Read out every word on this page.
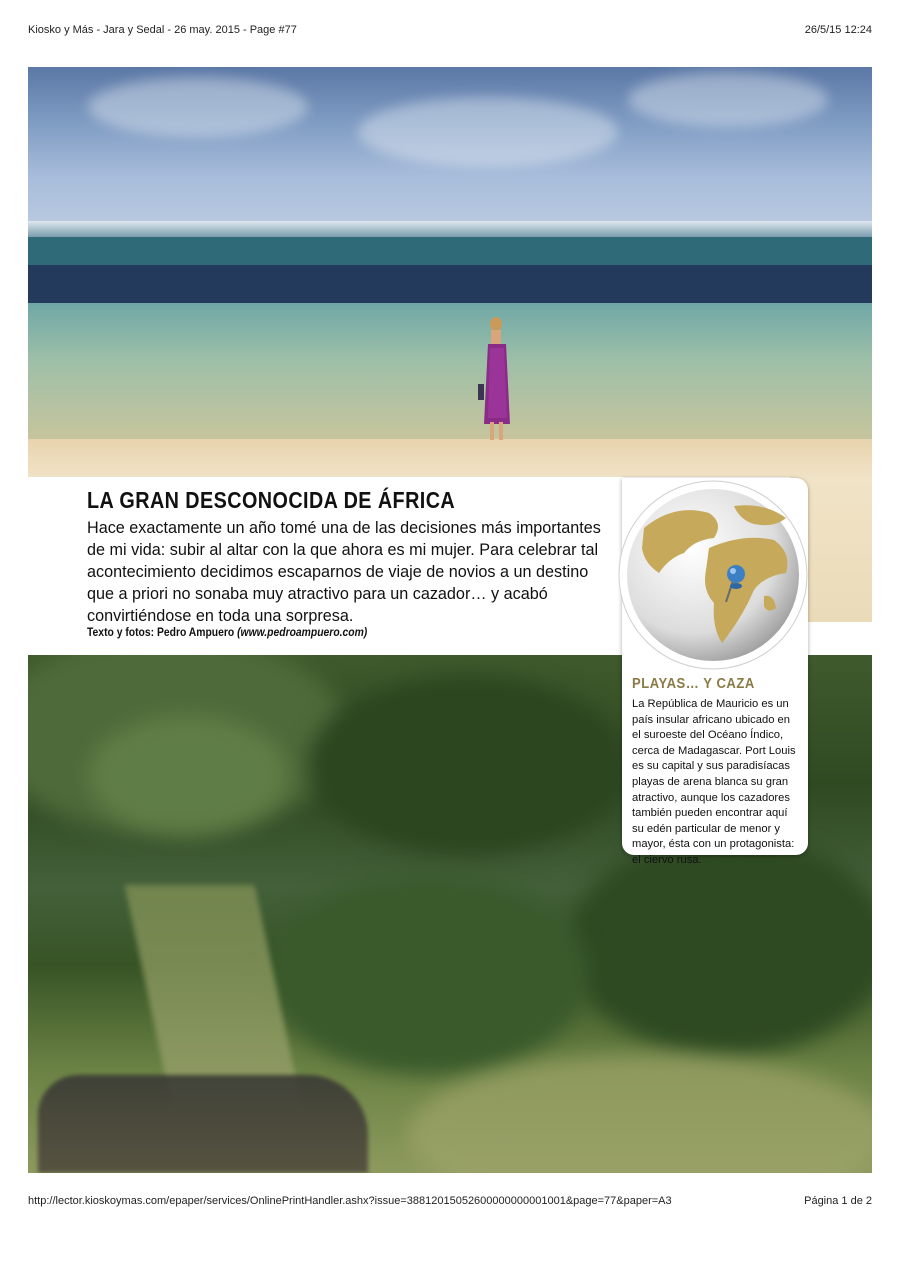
Kiosko y Más - Jara y Sedal - 26 may. 2015 - Page #77	26/5/15 12:24
LA GRAN DESCONOCIDA DE ÁFRICA

Hace exactamente un año tomé una de las decisiones más importantes de mi vida: subir al altar con la que ahora es mi mujer. Para celebrar tal acontecimiento decidimos escaparnos de viaje de novios a un destino que a priori no sonaba muy atractivo para un cazador… y acabó convirtiéndose en toda una sorpresa.

Texto y fotos: Pedro Ampuero (www.pedroampuero.com)
PLAYAS… Y CAZA

La República de Mauricio es un país insular africano ubicado en el suroeste del Océano Índico, cerca de Madagascar. Port Louis es su capital y sus paradisíacas playas de arena blanca su gran atractivo, aunque los cazadores también pueden encontrar aquí su edén particular de menor y mayor, ésta con un protagonista: el ciervo rusa.

http://lector.kioskoymas.com/epaper/services/OnlinePrintHandler.ashx?issue=38812015052600000000001001&page=77&paper=A3	Página 1 de 2
